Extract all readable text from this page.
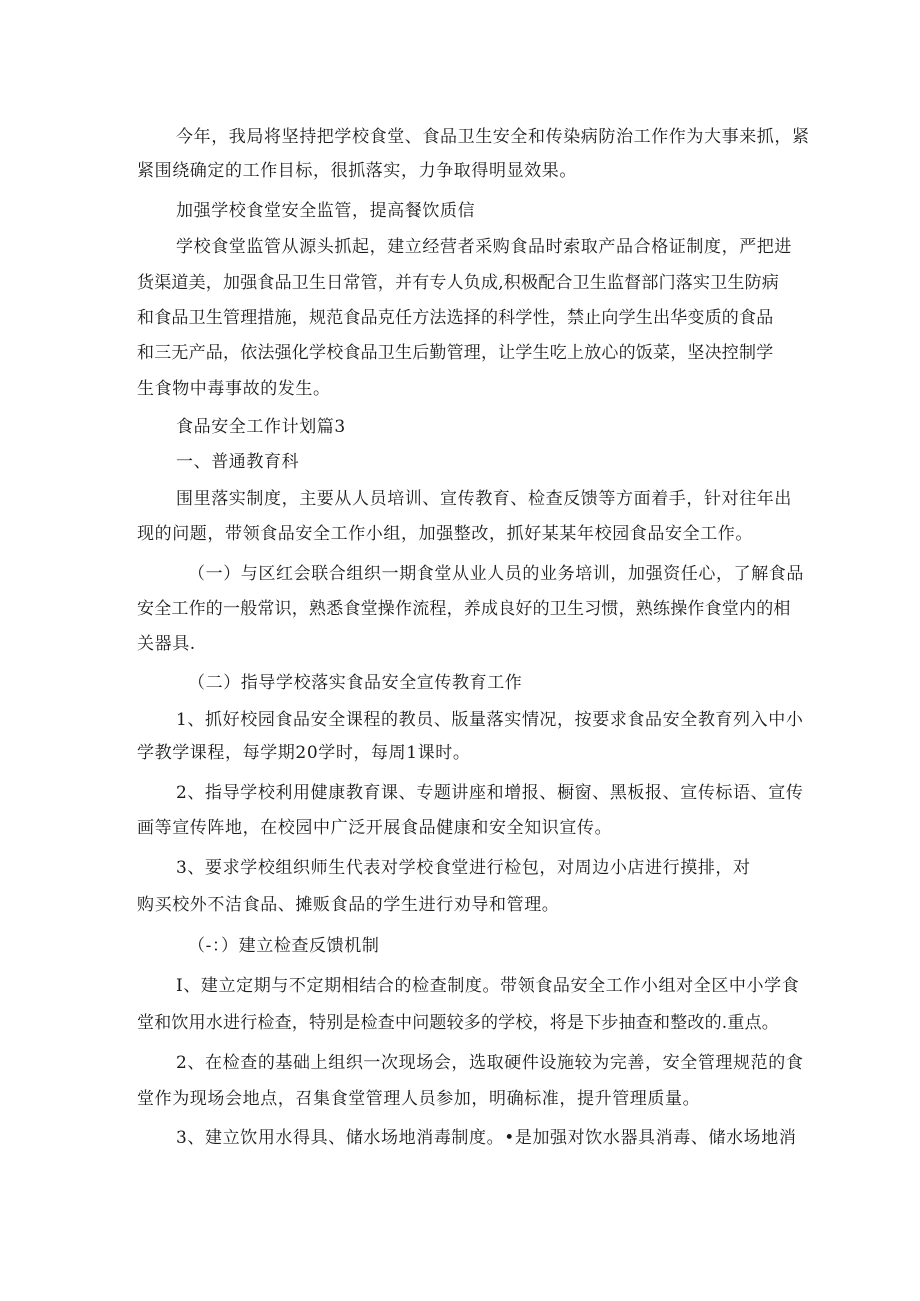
今年，我局将坚持把学校食堂、食品卫生安全和传染病防治工作作为大事来抓，紧
紧围绕确定的工作目标，很抓落实，力争取得明显效果。
加强学校食堂安全监管，提高餐饮质信
学校食堂监管从源头抓起，建立经营者采购食品时索取产品合格证制度，严把进
货渠道美，加强食品卫生日常管，并有专人负成,积极配合卫生监督部门落实卫生防病
和食品卫生管理措施，规范食品克任方法选择的科学性，禁止向学生出华变质的食品
和三无产品，依法强化学校食品卫生后勤管理，让学生吃上放心的饭菜，坚决控制学
生食物中毒事故的发生。
食品安全工作计划篇3
一、普通教育科
围里落实制度，主要从人员培训、宣传教育、检查反馈等方面着手，针对往年出
现的问题，带领食品安全工作小组，加强整改，抓好某某年校园食品安全工作。
（一）与区红会联合组织一期食堂从业人员的业务培训，加强资任心，了解食品
安全工作的一般常识，熟悉食堂操作流程，养成良好的卫生习惯，熟练操作食堂内的相
关器具.
（二）指导学校落实食品安全宣传教育工作
1、抓好校园食品安全课程的教员、版量落实情况，按要求食品安全教育列入中小
学教学课程，每学期20学时，每周1课时。
2、指导学校利用健康教育课、专题讲座和增报、橱窗、黑板报、宣传标语、宣传
画等宣传阵地，在校园中广泛开展食品健康和安全知识宣传。
3、要求学校组织师生代表对学校食堂进行检包，对周边小店进行摸排，对
购买校外不洁食品、摊贩食品的学生进行劝导和管理。
（-：）建立检查反馈机制
I、建立定期与不定期相结合的检查制度。带领食品安全工作小组对全区中小学食
堂和饮用水进行检查，特别是检查中问题较多的学校，将是下步抽查和整改的.重点。
2、在检查的基础上组织一次现场会，选取硬件设施较为完善，安全管理规范的食
堂作为现场会地点，召集食堂管理人员参加，明确标准，提升管理质量。
3、建立饮用水得具、储水场地消毒制度。•是加强对饮水器具消毒、储水场地消
